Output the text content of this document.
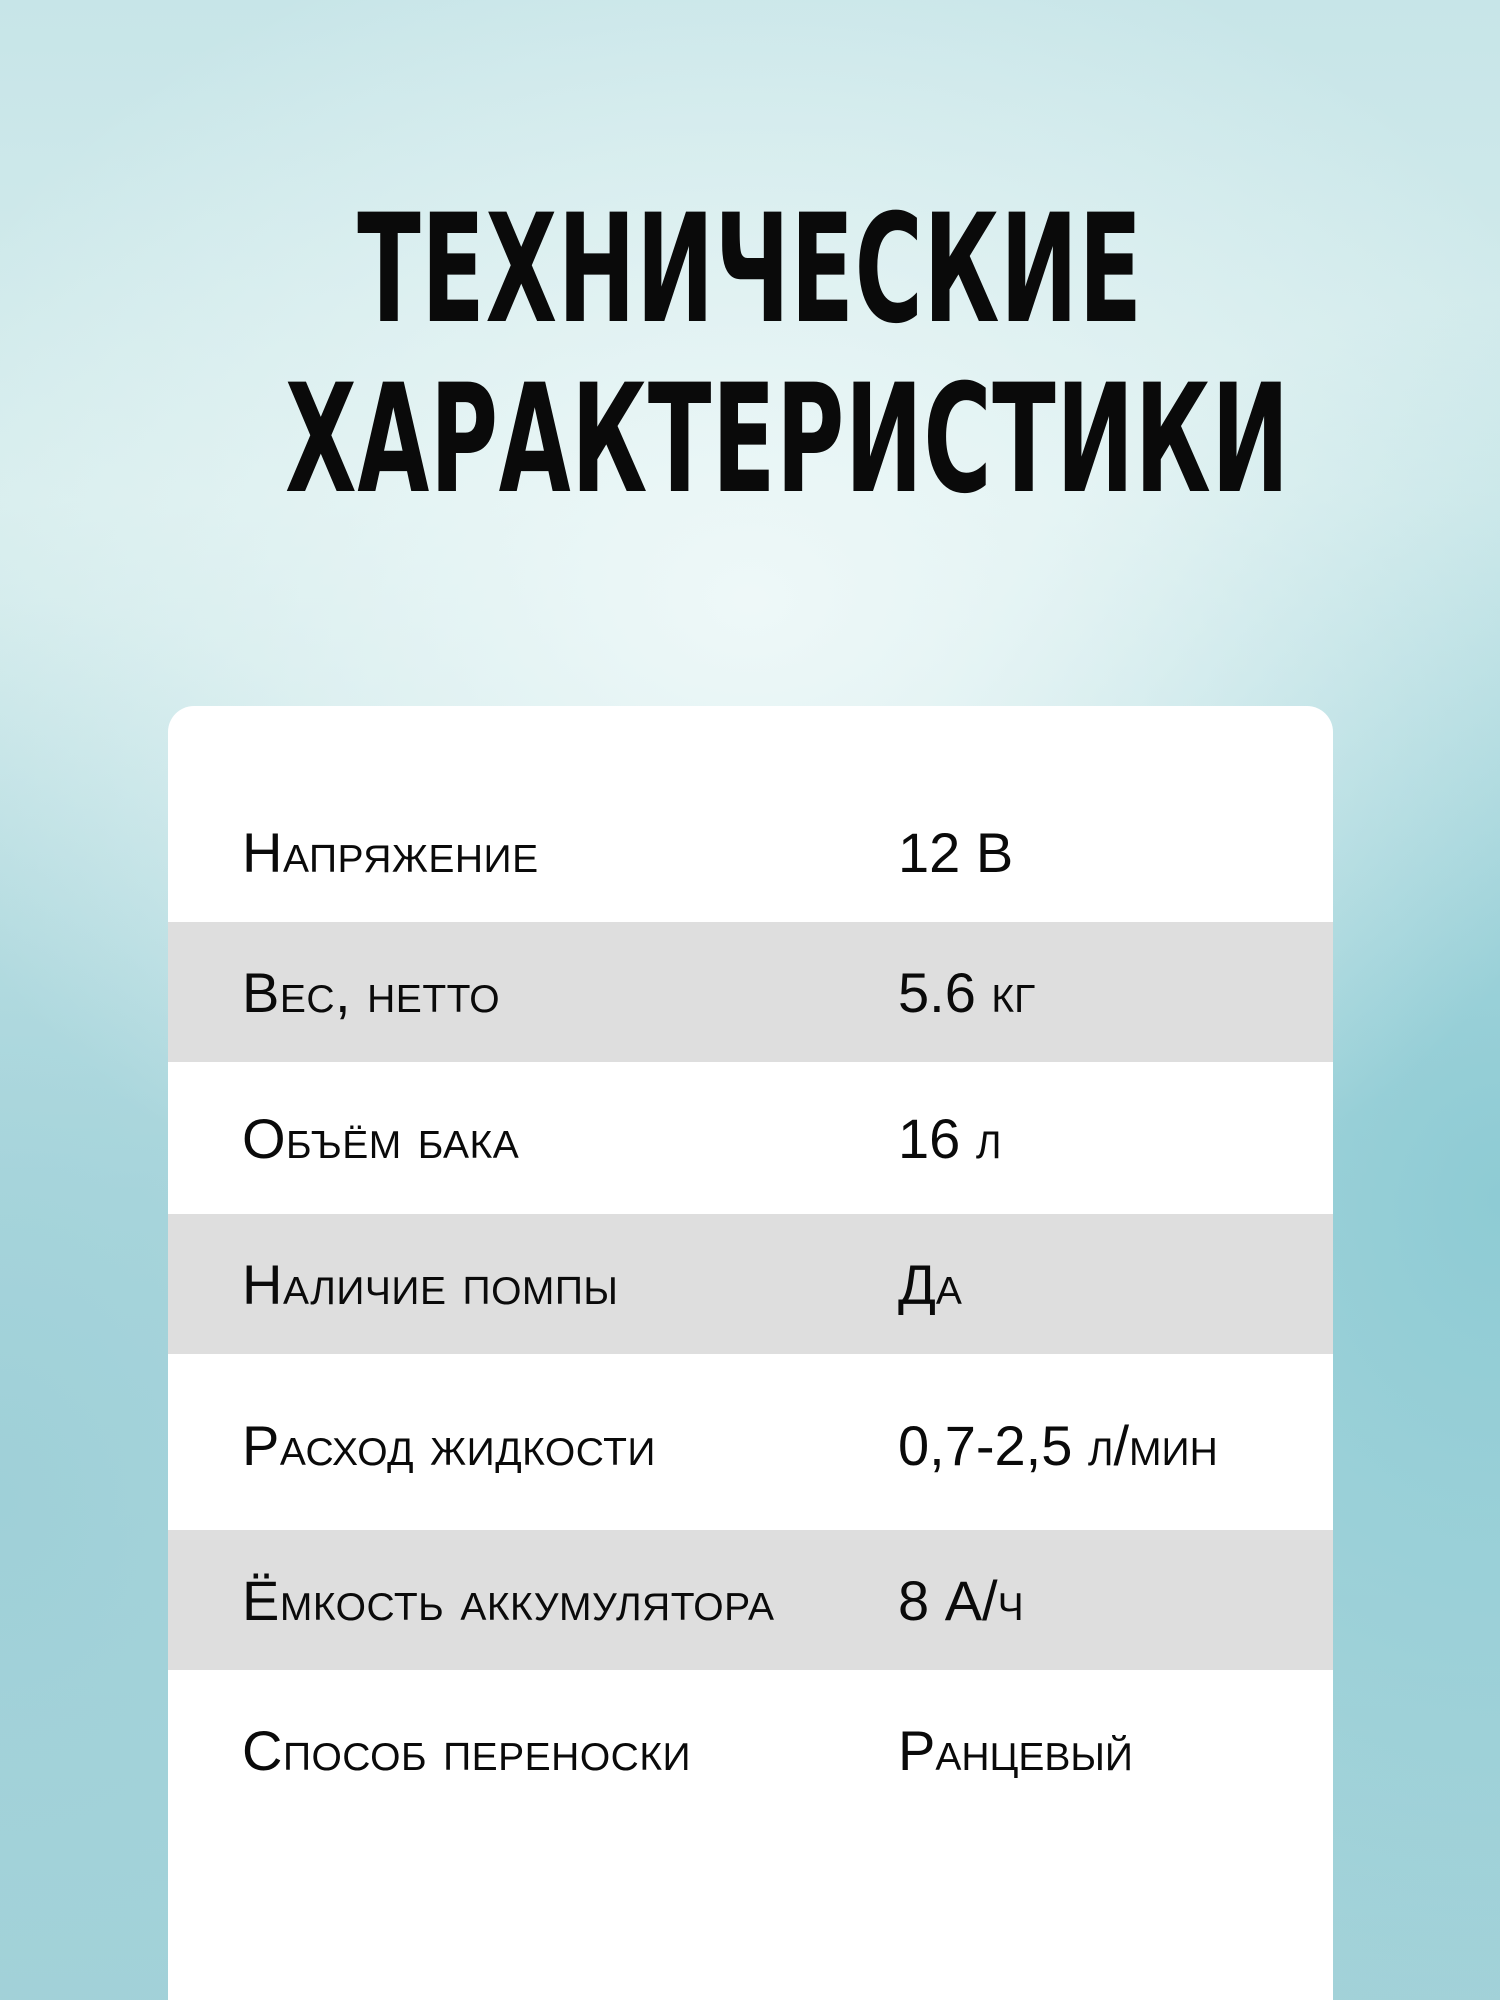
ТЕХНИЧЕСКИЕ
ХАРАКТЕРИСТИКИ
Напряжение	12 В
Вес, нетто	5.6 кг
Объём бака	16 л
Наличие помпы	Да
Расход жидкости	0,7-2,5 л/мин
Ёмкость аккумулятора 8 А/ч
Способ переноски	Ранцевый
